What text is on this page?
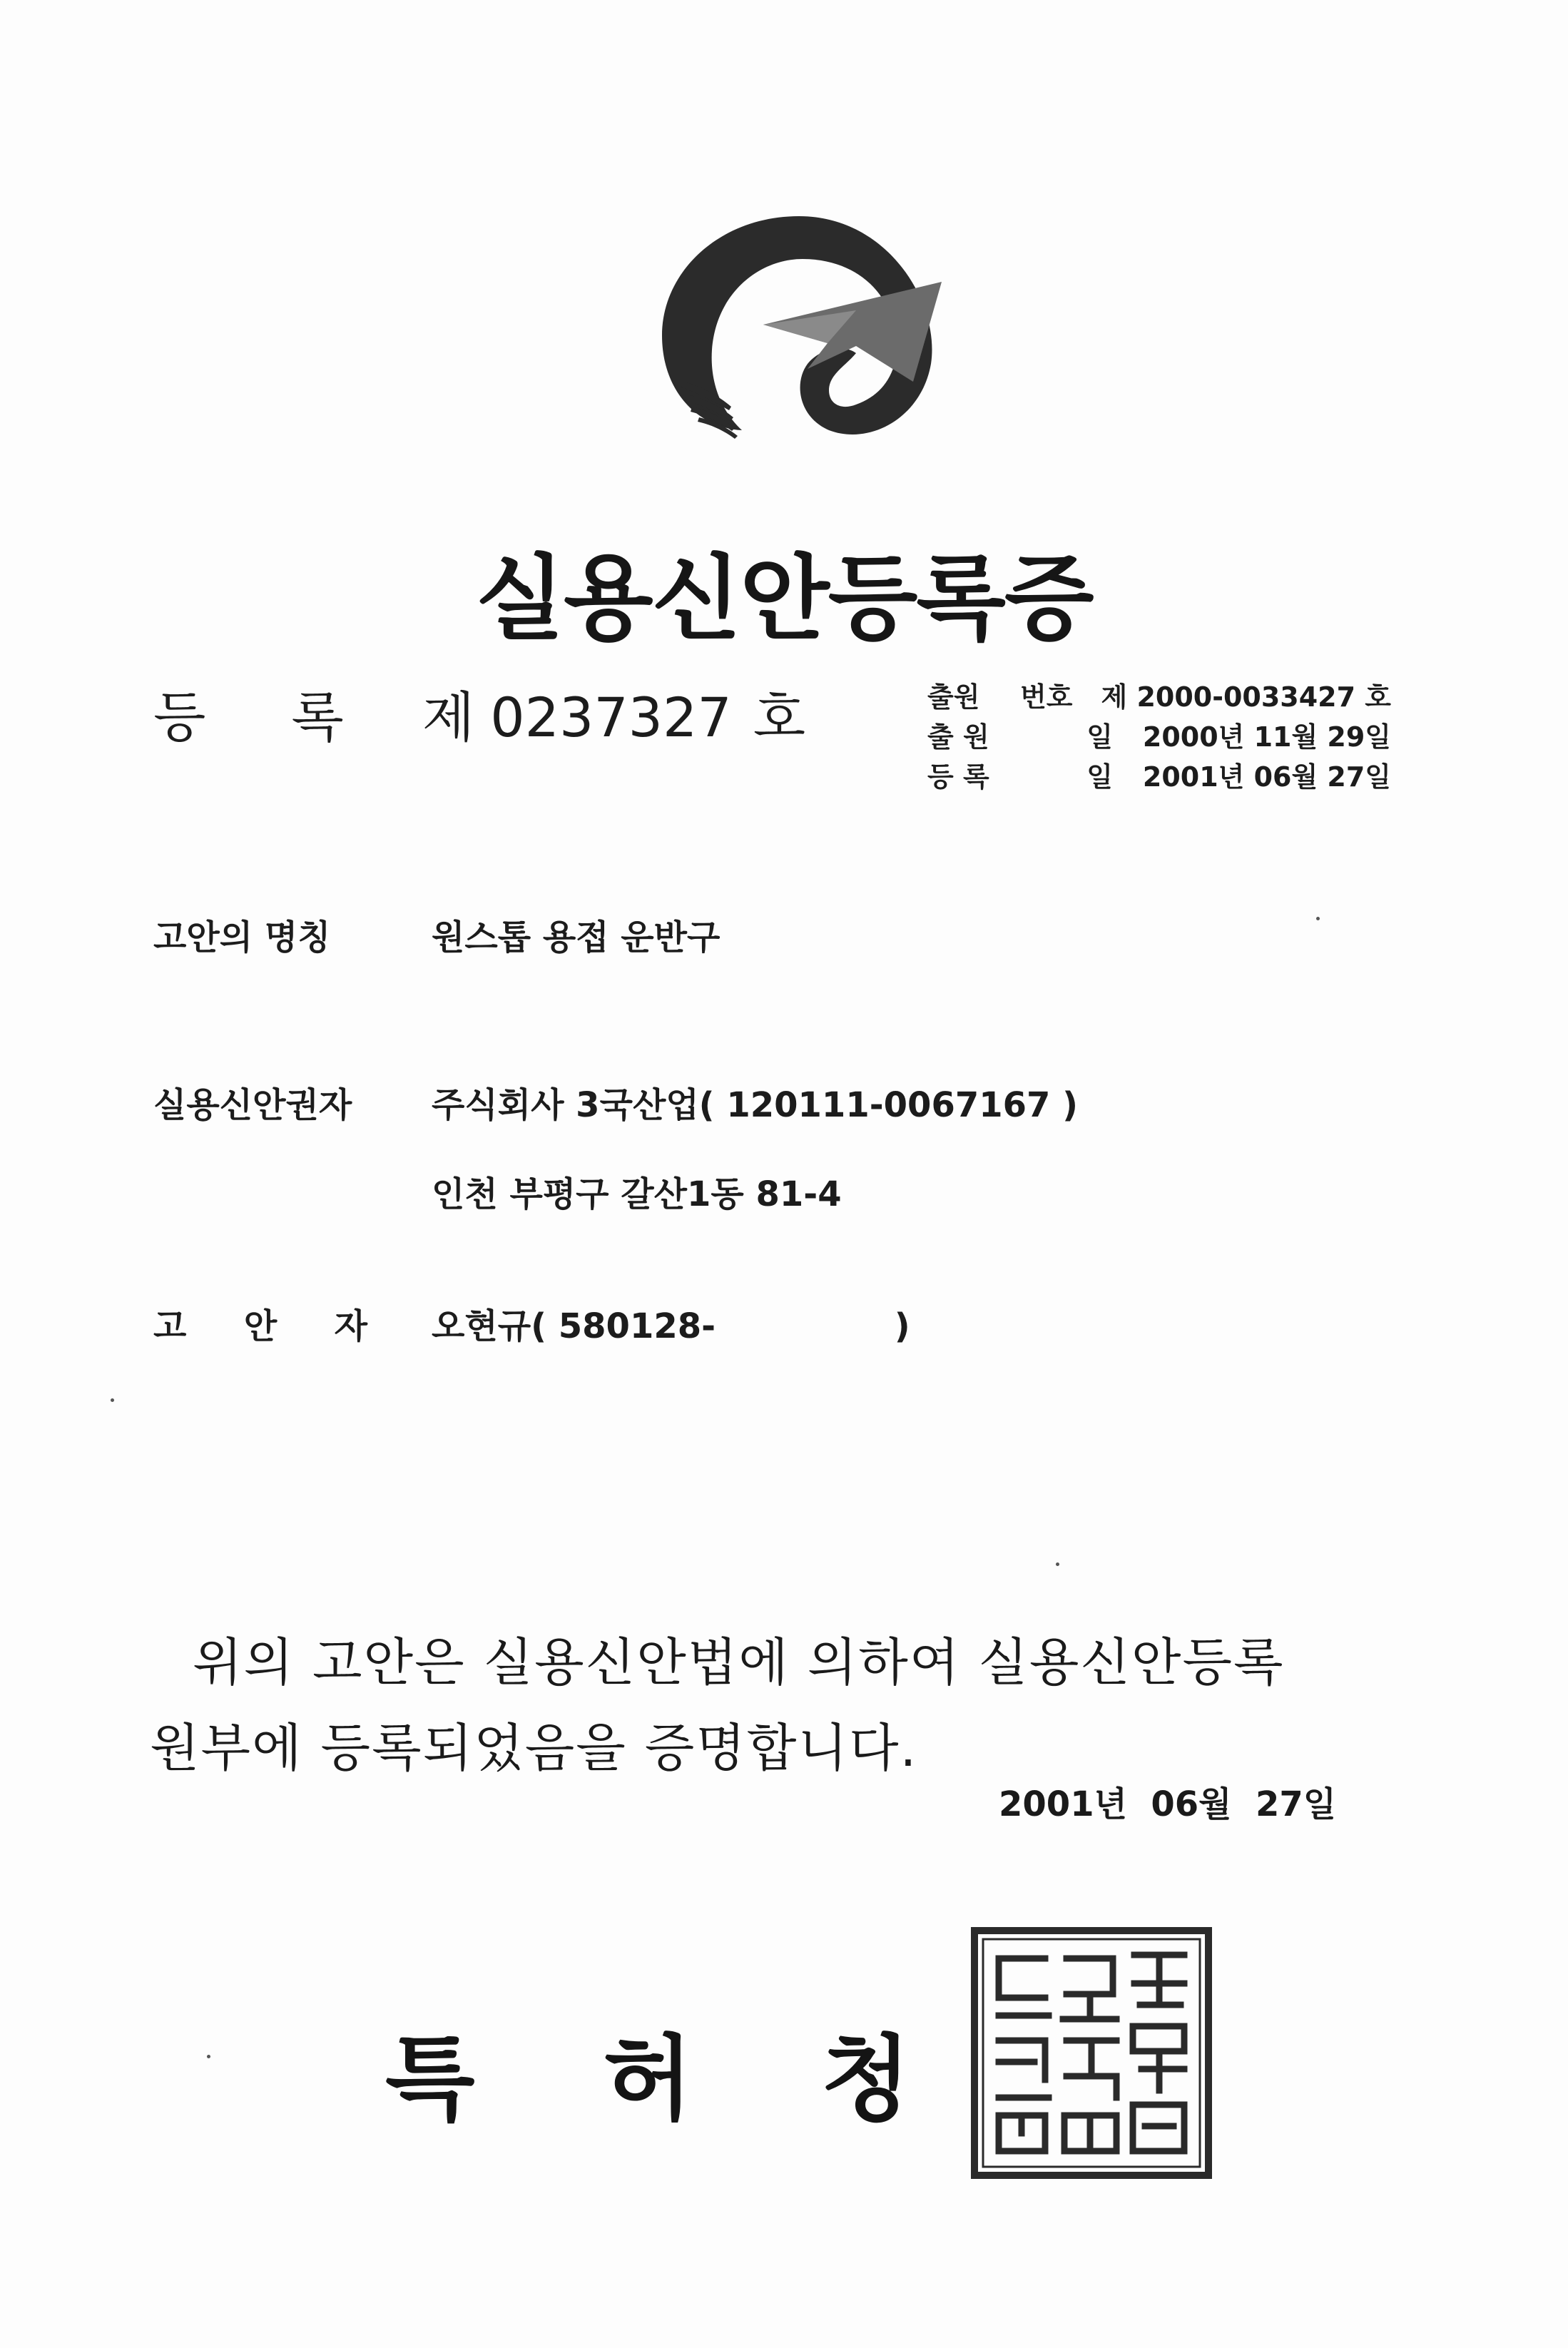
실용신안등록증
등 록 제 0237327 호	출원 번호 제 2000-0033427 호
출 원	일 2000년 11월 29일
등 록	일 2001년 06월 27일
고안의 명칭	원스톱 용접 운반구
실용신안권자	주식회사 3국산업( 120111-0067167 )
인천 부평구 갈산1동 81-4
고 안 자 오현규( 580128-               )
위의 고안은 실용신안법에 의하여 실용신안등록
원부에 등록되었음을 증명합니다.
2001년  06월  27일
특 허 청
